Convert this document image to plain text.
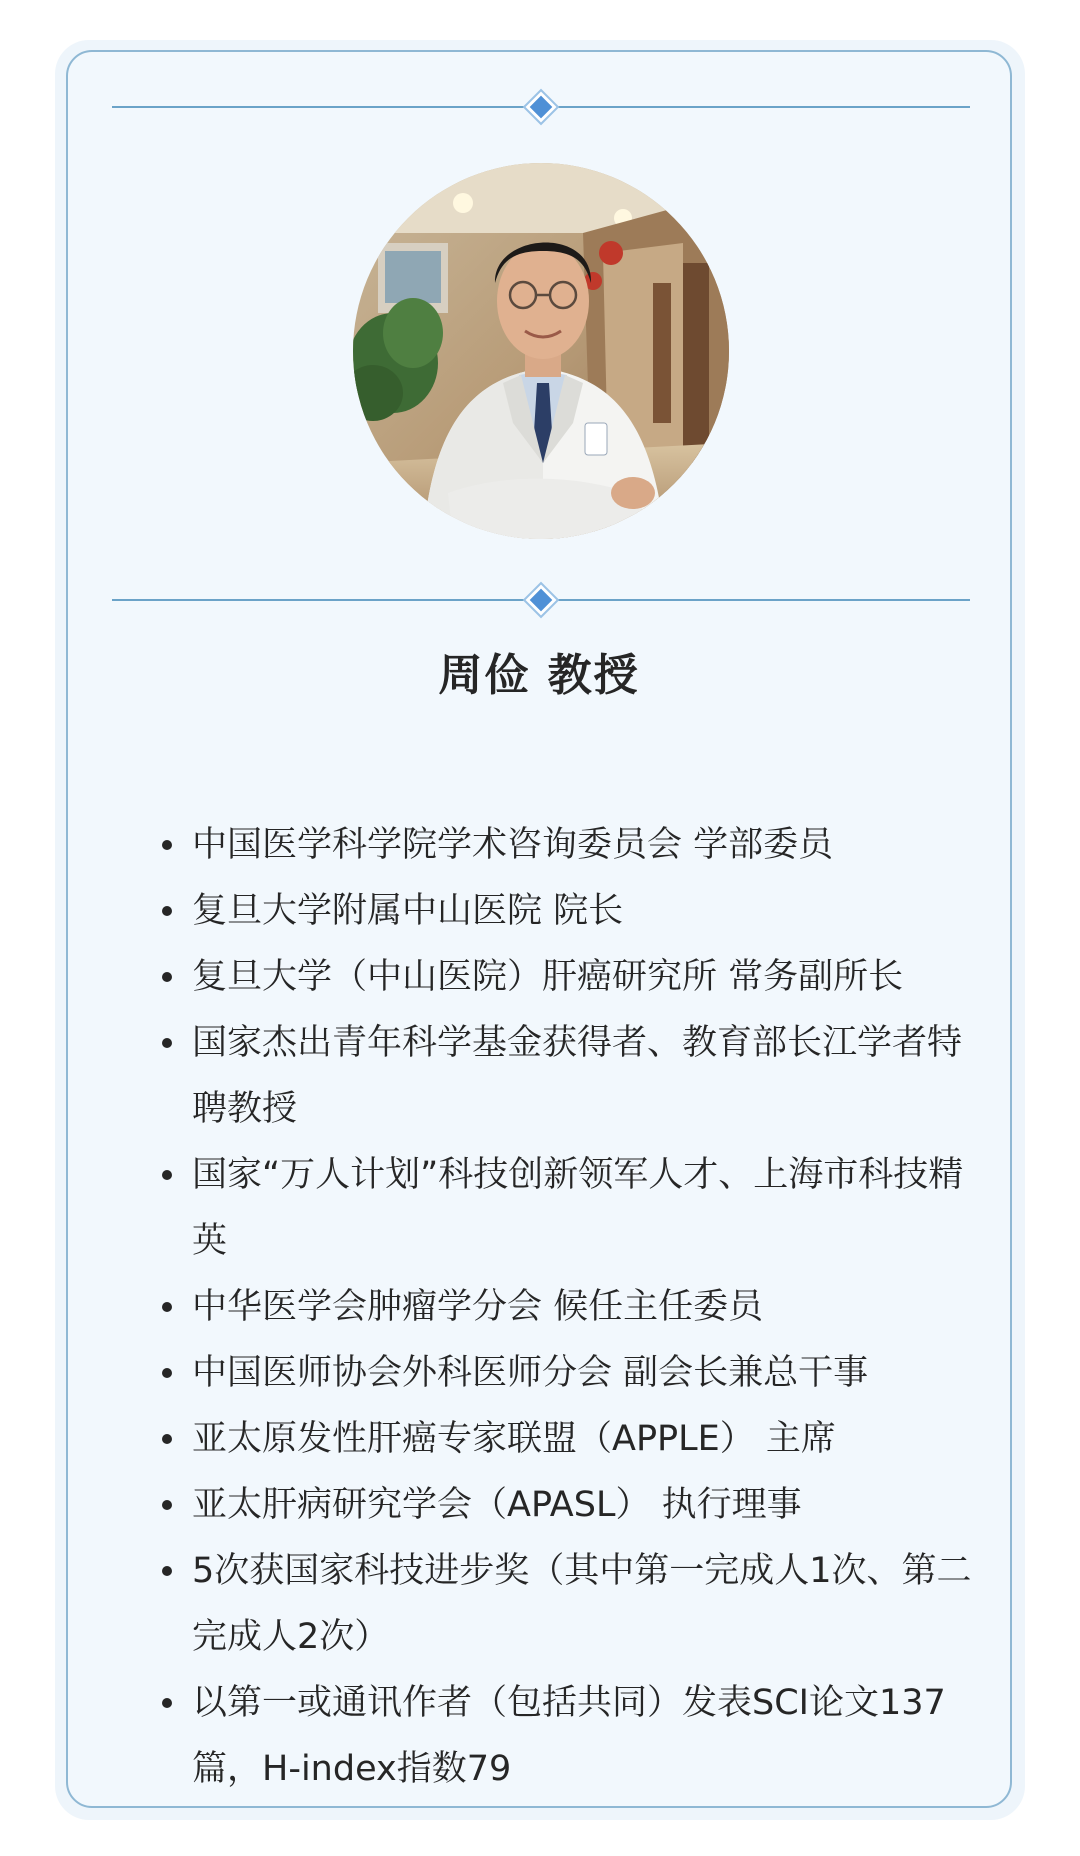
周俭 教授
中国医学科学院学术咨询委员会 学部委员
复旦大学附属中山医院 院长
复旦大学（中山医院）肝癌研究所 常务副所长
国家杰出青年科学基金获得者、教育部长江学者特聘教授
国家“万人计划”科技创新领军人才、上海市科技精英
中华医学会肿瘤学分会 候任主任委员
中国医师协会外科医师分会 副会长兼总干事
亚太原发性肝癌专家联盟（APPLE） 主席
亚太肝病研究学会（APASL） 执行理事
5次获国家科技进步奖（其中第一完成人1次、第二完成人2次）
以第一或通讯作者（包括共同）发表SCI论文137篇，H-index指数79
